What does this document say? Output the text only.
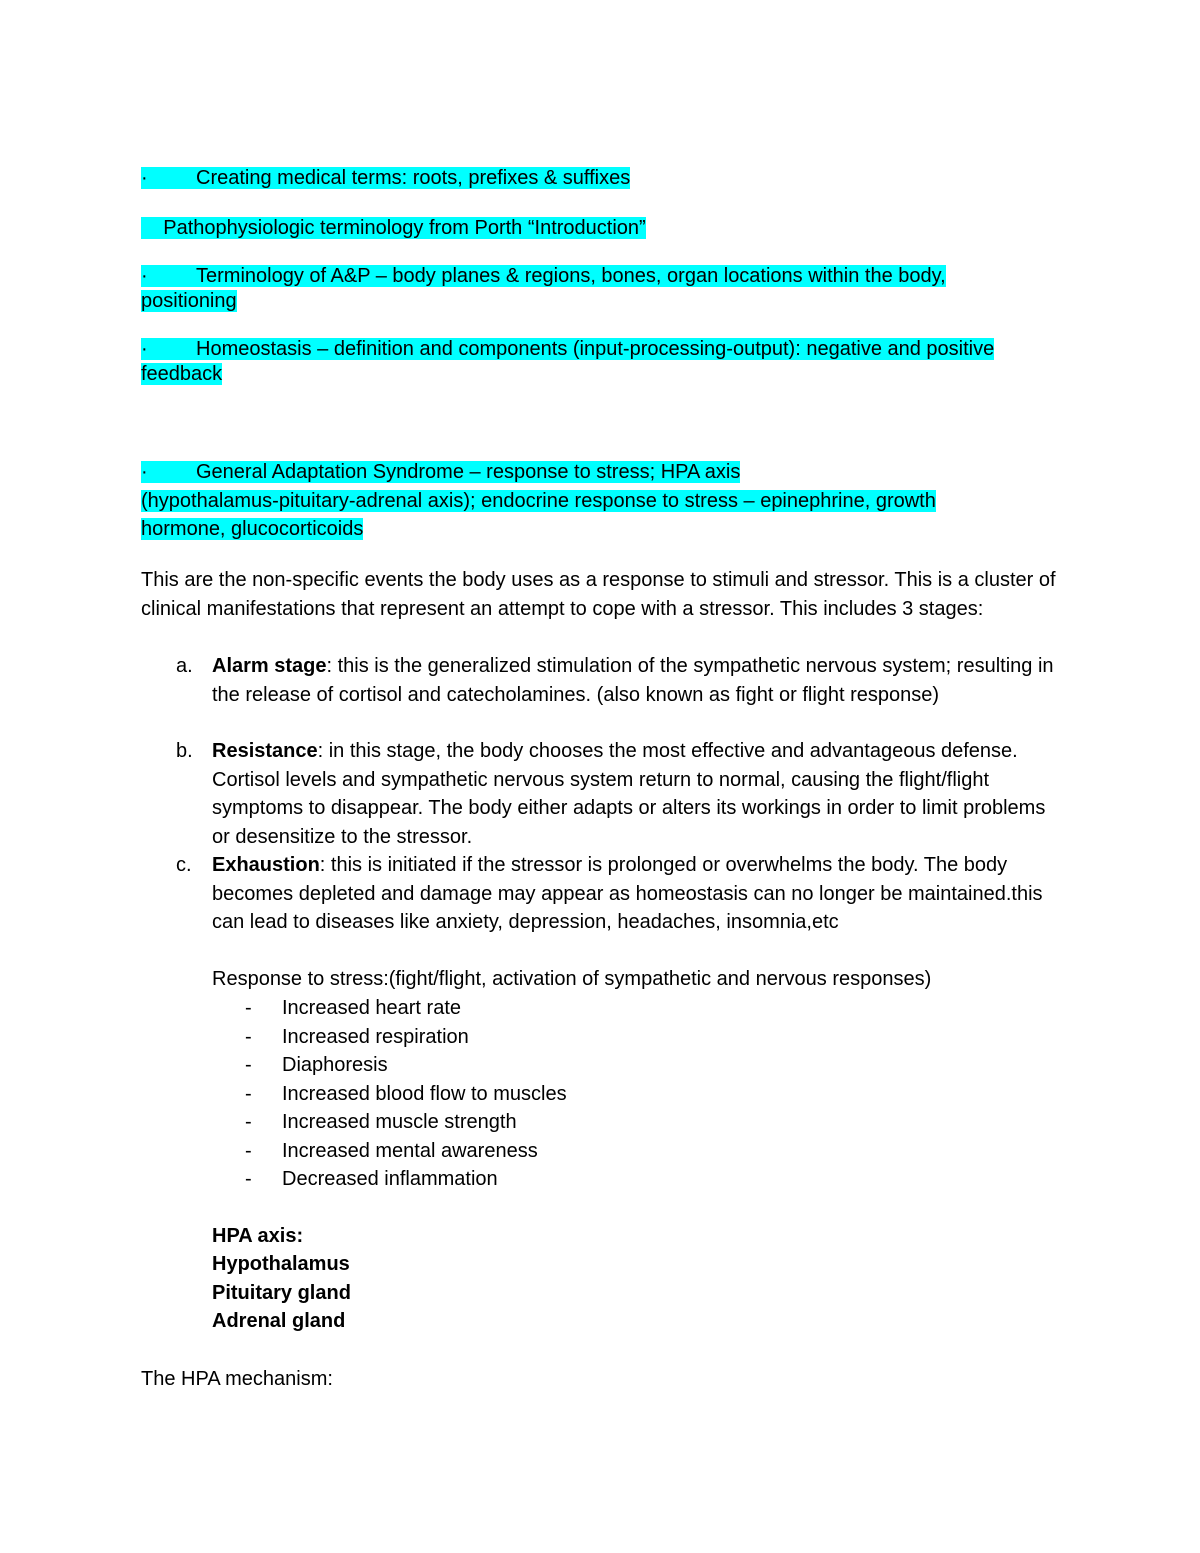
· Creating medical terms: roots, prefixes & suffixes
Pathophysiologic terminology from Porth “Introduction”
· Terminology of A&P – body planes & regions, bones, organ locations within the body,
positioning
· Homeostasis – definition and components (input-processing-output): negative and positive
feedback
· General Adaptation Syndrome – response to stress; HPA axis
(hypothalamus-pituitary-adrenal axis); endocrine response to stress – epinephrine, growth
hormone, glucocorticoids

This are the non-specific events the body uses as a response to stimuli and stressor. This is a cluster of clinical manifestations that represent an attempt to cope with a stressor. This includes 3 stages:

a. Alarm stage: this is the generalized stimulation of the sympathetic nervous system; resulting in the release of cortisol and catecholamines. (also known as fight or flight response)
b. Resistance: in this stage, the body chooses the most effective and advantageous defense. Cortisol levels and sympathetic nervous system return to normal, causing the flight/flight symptoms to disappear. The body either adapts or alters its workings in order to limit problems or desensitize to the stressor.
c. Exhaustion: this is initiated if the stressor is prolonged or overwhelms the body. The body becomes depleted and damage may appear as homeostasis can no longer be maintained.this can lead to diseases like anxiety, depression, headaches, insomnia,etc
Response to stress:(fight/flight, activation of sympathetic and nervous responses)
- Increased heart rate
- Increased respiration
- Diaphoresis
- Increased blood flow to muscles
- Increased muscle strength
- Increased mental awareness
- Decreased inflammation
HPA axis:
Hypothalamus
Pituitary gland
Adrenal gland
The HPA mechanism:
